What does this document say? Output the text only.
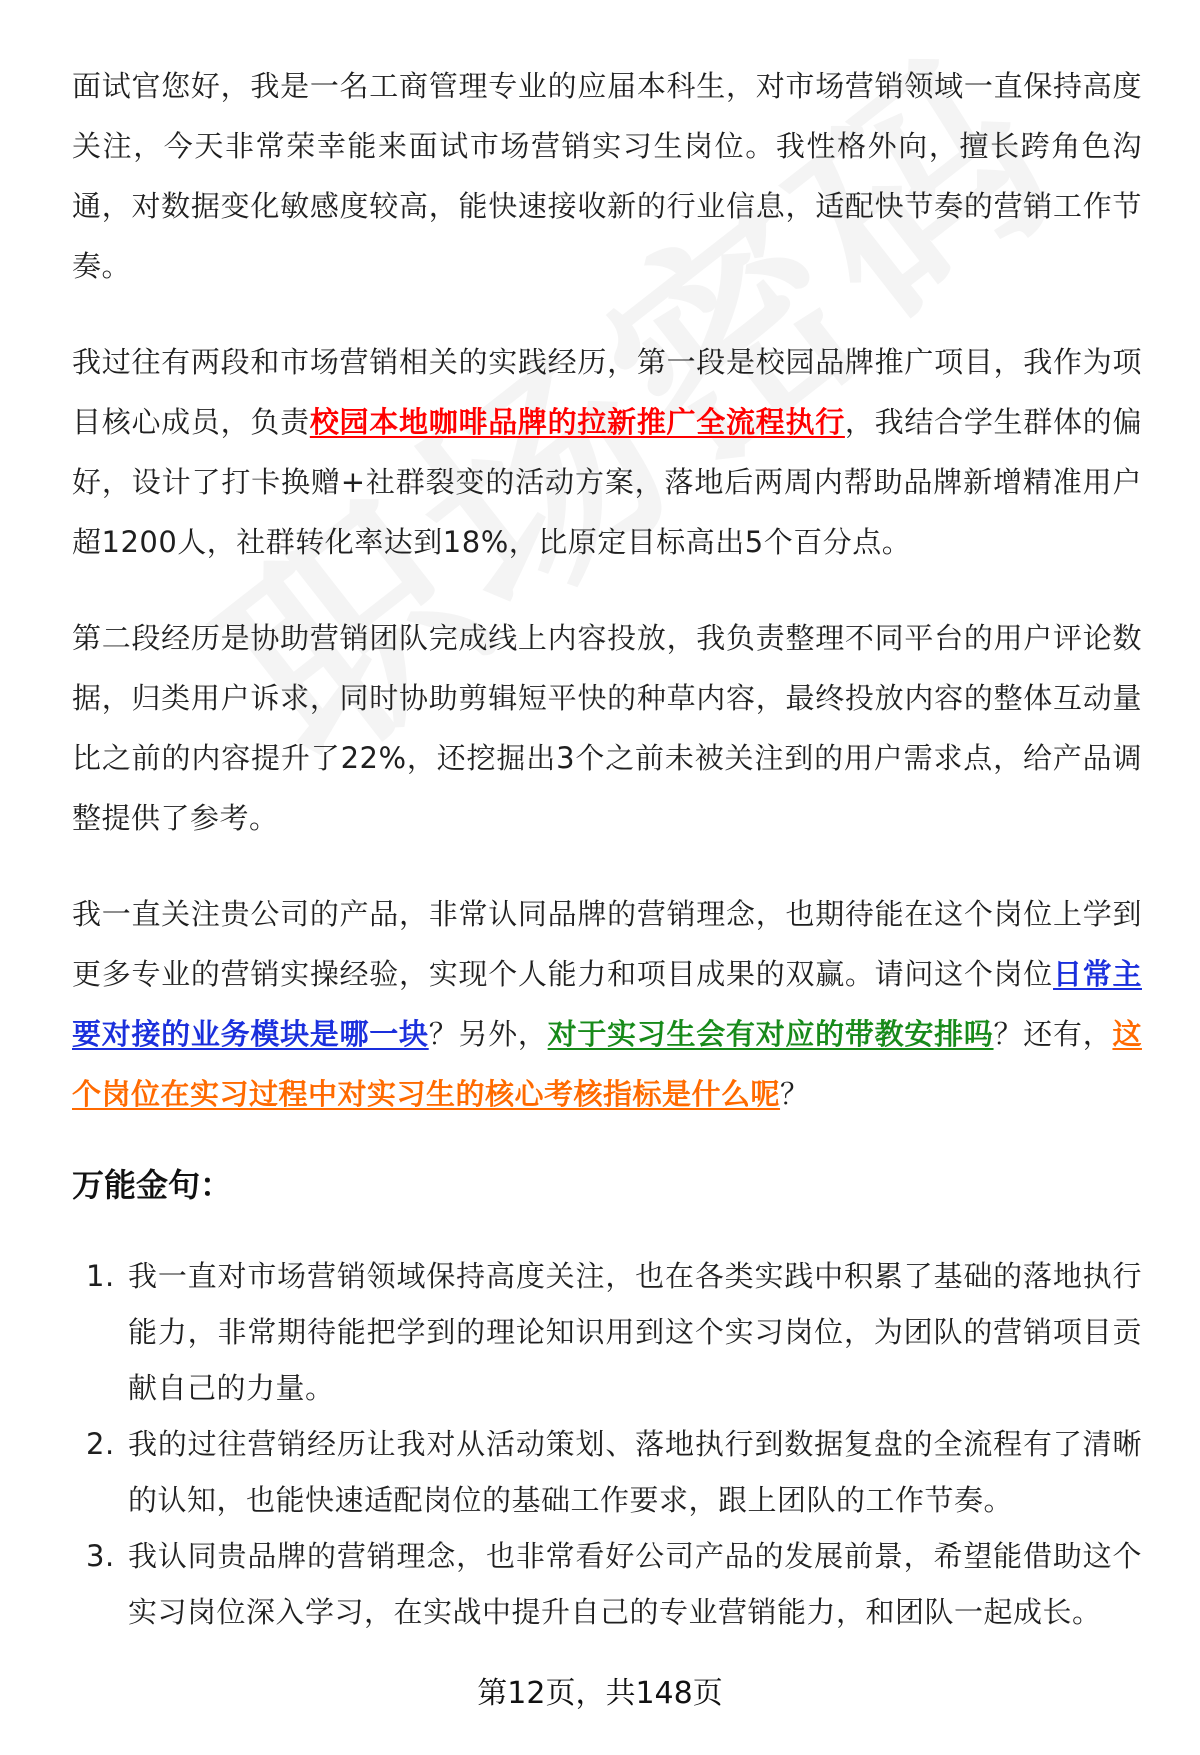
面试官您好，我是一名工商管理专业的应届本科生，对市场营销领域一直保持高度关注，今天非常荣幸能来面试市场营销实习生岗位。我性格外向，擅长跨角色沟通，对数据变化敏感度较高，能快速接收新的行业信息，适配快节奏的营销工作节奏。

我过往有两段和市场营销相关的实践经历，第一段是校园品牌推广项目，我作为项目核心成员，负责校园本地咖啡品牌的拉新推广全流程执行，我结合学生群体的偏好，设计了打卡换赠+社群裂变的活动方案，落地后两周内帮助品牌新增精准用户超1200人，社群转化率达到18%，比原定目标高出5个百分点。

第二段经历是协助营销团队完成线上内容投放，我负责整理不同平台的用户评论数据，归类用户诉求，同时协助剪辑短平快的种草内容，最终投放内容的整体互动量比之前的内容提升了22%，还挖掘出3个之前未被关注到的用户需求点，给产品调整提供了参考。

我一直关注贵公司的产品，非常认同品牌的营销理念，也期待能在这个岗位上学到更多专业的营销实操经验，实现个人能力和项目成果的双赢。请问这个岗位日常主要对接的业务模块是哪一块？另外，对于实习生会有对应的带教安排吗？还有，这个岗位在实习过程中对实习生的核心考核指标是什么呢？

万能金句：
1. 我一直对市场营销领域保持高度关注，也在各类实践中积累了基础的落地执行能力，非常期待能把学到的理论知识用到这个实习岗位，为团队的营销项目贡献自己的力量。
2. 我的过往营销经历让我对从活动策划、落地执行到数据复盘的全流程有了清晰的认知，也能快速适配岗位的基础工作要求，跟上团队的工作节奏。
3. 我认同贵品牌的营销理念，也非常看好公司产品的发展前景，希望能借助这个实习岗位深入学习，在实战中提升自己的专业营销能力，和团队一起成长。
第12页，共148页
